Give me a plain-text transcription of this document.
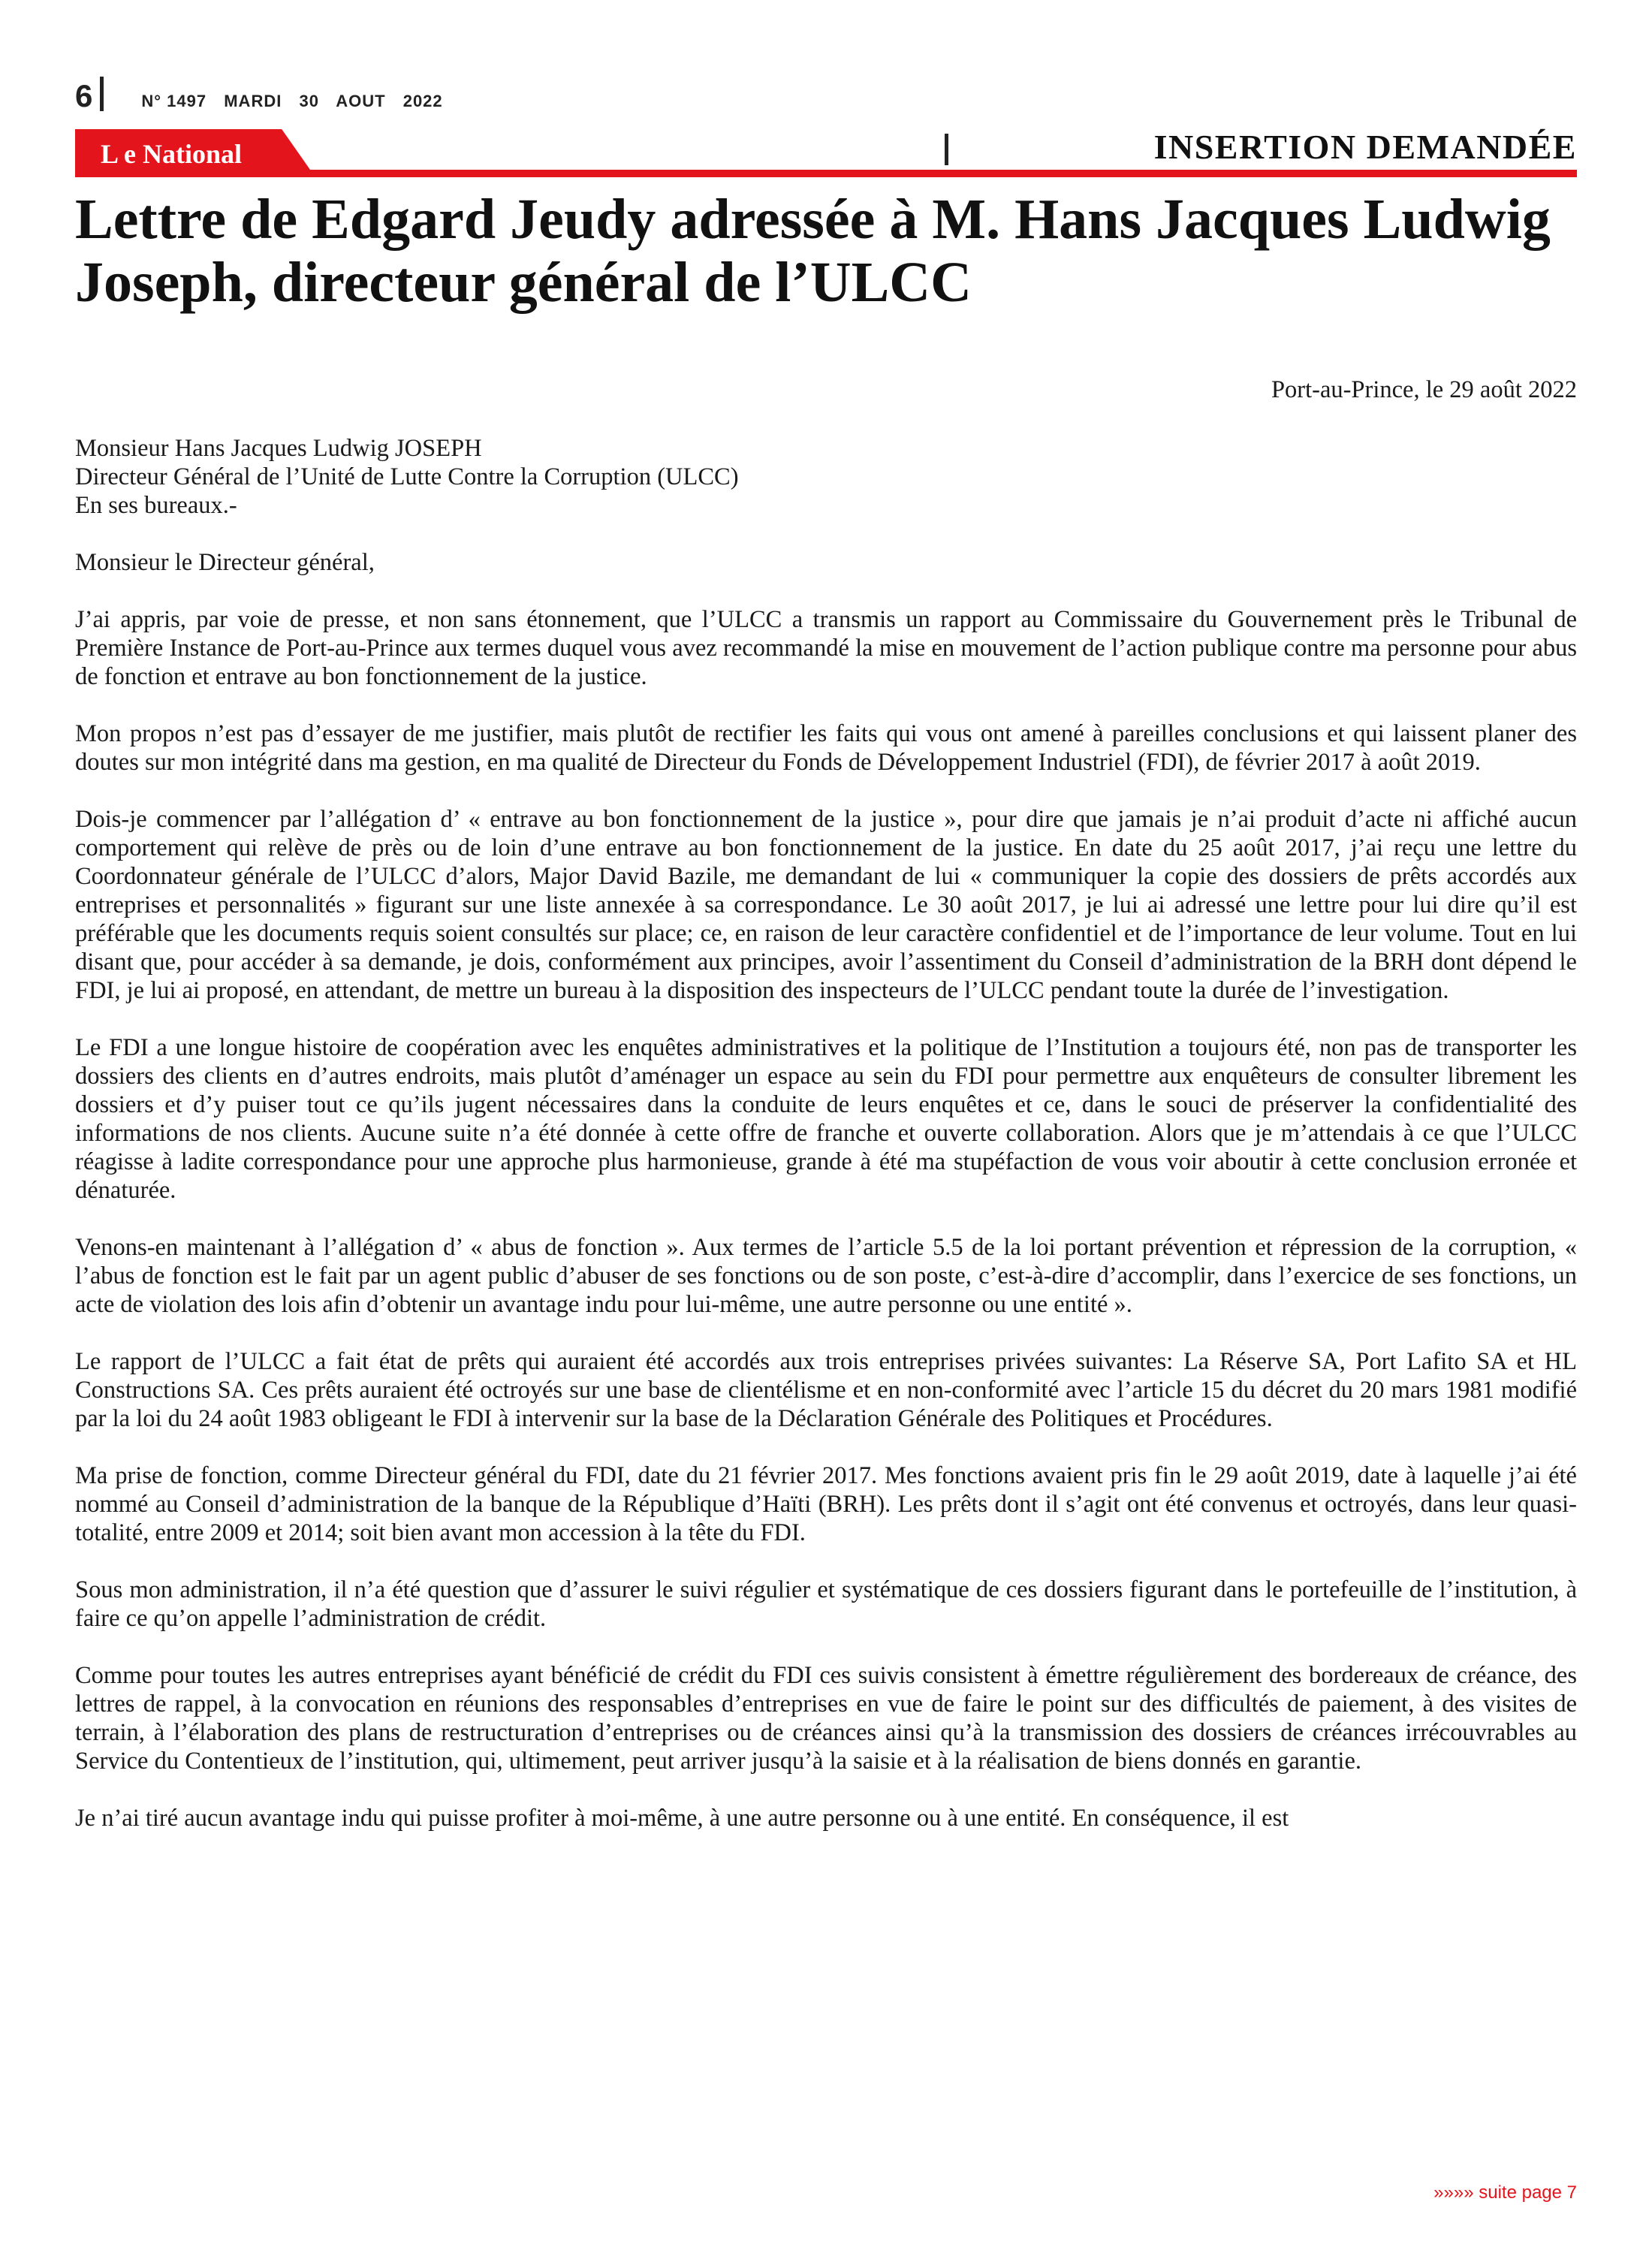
6	N° 1497 MARDI 30 AOUT 2022
L e National	INSERTION DEMANDÉE
Lettre de Edgard Jeudy adressée à M. Hans Jacques Ludwig Joseph, directeur général de l’ULCC

Port-au-Prince, le 29 août 2022

Monsieur Hans Jacques Ludwig JOSEPH
Directeur Général de l’Unité de Lutte Contre la Corruption (ULCC)
En ses bureaux.-

Monsieur le Directeur général,

J’ai appris, par voie de presse, et non sans étonnement, que l’ULCC a transmis un rapport au Commissaire du Gouvernement près le Tribunal de Première Instance de Port-au-Prince aux termes duquel vous avez recommandé la mise en mouvement de l’action publique contre ma personne pour abus de fonction et entrave au bon fonctionnement de la justice.

Mon propos n’est pas d’essayer de me justifier, mais plutôt de rectifier les faits qui vous ont amené à pareilles conclusions et qui laissent planer des doutes sur mon intégrité dans ma gestion, en ma qualité de Directeur du Fonds de Développement Industriel (FDI), de février 2017 à août 2019.

Dois-je commencer par l’allégation d’ « entrave au bon fonctionnement de la justice », pour dire que jamais je n’ai produit d’acte ni affiché aucun comportement qui relève de près ou de loin d’une entrave au bon fonctionnement de la justice. En date du 25 août 2017, j’ai reçu une lettre du Coordonnateur générale de l’ULCC d’alors, Major David Bazile, me demandant de lui « communiquer la copie des dossiers de prêts accordés aux entreprises et personnalités » figurant sur une liste annexée à sa correspondance. Le 30 août 2017, je lui ai adressé une lettre pour lui dire qu’il est préférable que les documents requis soient consultés sur place; ce, en raison de leur caractère confidentiel et de l’importance de leur volume. Tout en lui disant que, pour accéder à sa demande, je dois, conformément aux principes, avoir l’assentiment du Conseil d’administration de la BRH dont dépend le FDI, je lui ai proposé, en attendant, de mettre un bureau à la disposition des inspecteurs de l’ULCC pendant toute la durée de l’investigation.

Le FDI a une longue histoire de coopération avec les enquêtes administratives et la politique de l’Institution a toujours été, non pas de transporter les dossiers des clients en d’autres endroits, mais plutôt d’aménager un espace au sein du FDI pour permettre aux enquêteurs de consulter librement les dossiers et d’y puiser tout ce qu’ils jugent nécessaires dans la conduite de leurs enquêtes et ce, dans le souci de préserver la confidentialité des informations de nos clients. Aucune suite n’a été donnée à cette offre de franche et ouverte collaboration. Alors que je m’attendais à ce que l’ULCC réagisse à ladite correspondance pour une approche plus harmonieuse, grande à été ma stupéfaction de vous voir aboutir à cette conclusion erronée et dénaturée.

Venons-en maintenant à l’allégation d’ « abus de fonction ». Aux termes de l’article 5.5 de la loi portant prévention et répression de la corruption, « l’abus de fonction est le fait par un agent public d’abuser de ses fonctions ou de son poste, c’est-à-dire d’accomplir, dans l’exercice de ses fonctions, un acte de violation des lois afin d’obtenir un avantage indu pour lui-même, une autre personne ou une entité ».

Le rapport de l’ULCC a fait état de prêts qui auraient été accordés aux trois entreprises privées suivantes: La Réserve SA, Port Lafito SA et HL Constructions SA. Ces prêts auraient été octroyés sur une base de clientélisme et en non-conformité avec l’article 15 du décret du 20 mars 1981 modifié par la loi du 24 août 1983 obligeant le FDI à intervenir sur la base de la Déclaration Générale des Politiques et Procédures.

Ma prise de fonction, comme Directeur général du FDI, date du 21 février 2017. Mes fonctions avaient pris fin le 29 août 2019, date à laquelle j’ai été nommé au Conseil d’administration de la banque de la République d’Haïti (BRH). Les prêts dont il s’agit ont été convenus et octroyés, dans leur quasi-totalité, entre 2009 et 2014; soit bien avant mon accession à la tête du FDI.

Sous mon administration, il n’a été question que d’assurer le suivi régulier et systématique de ces dossiers figurant dans le portefeuille de l’institution, à faire ce qu’on appelle l’administration de crédit.

Comme pour toutes les autres entreprises ayant bénéficié de crédit du FDI ces suivis consistent à émettre régulièrement des bordereaux de créance, des lettres de rappel, à la convocation en réunions des responsables d’entreprises en vue de faire le point sur des difficultés de paiement, à des visites de terrain, à l’élaboration des plans de restructuration d’entreprises ou de créances ainsi qu’à la transmission des dossiers de créances irrécouvrables au Service du Contentieux de l’institution, qui, ultimement, peut arriver jusqu’à la saisie et à la réalisation de biens donnés en garantie.

Je n’ai tiré aucun avantage indu qui puisse profiter à moi-même, à une autre personne ou à une entité. En conséquence, il est

»»»» suite page 7
